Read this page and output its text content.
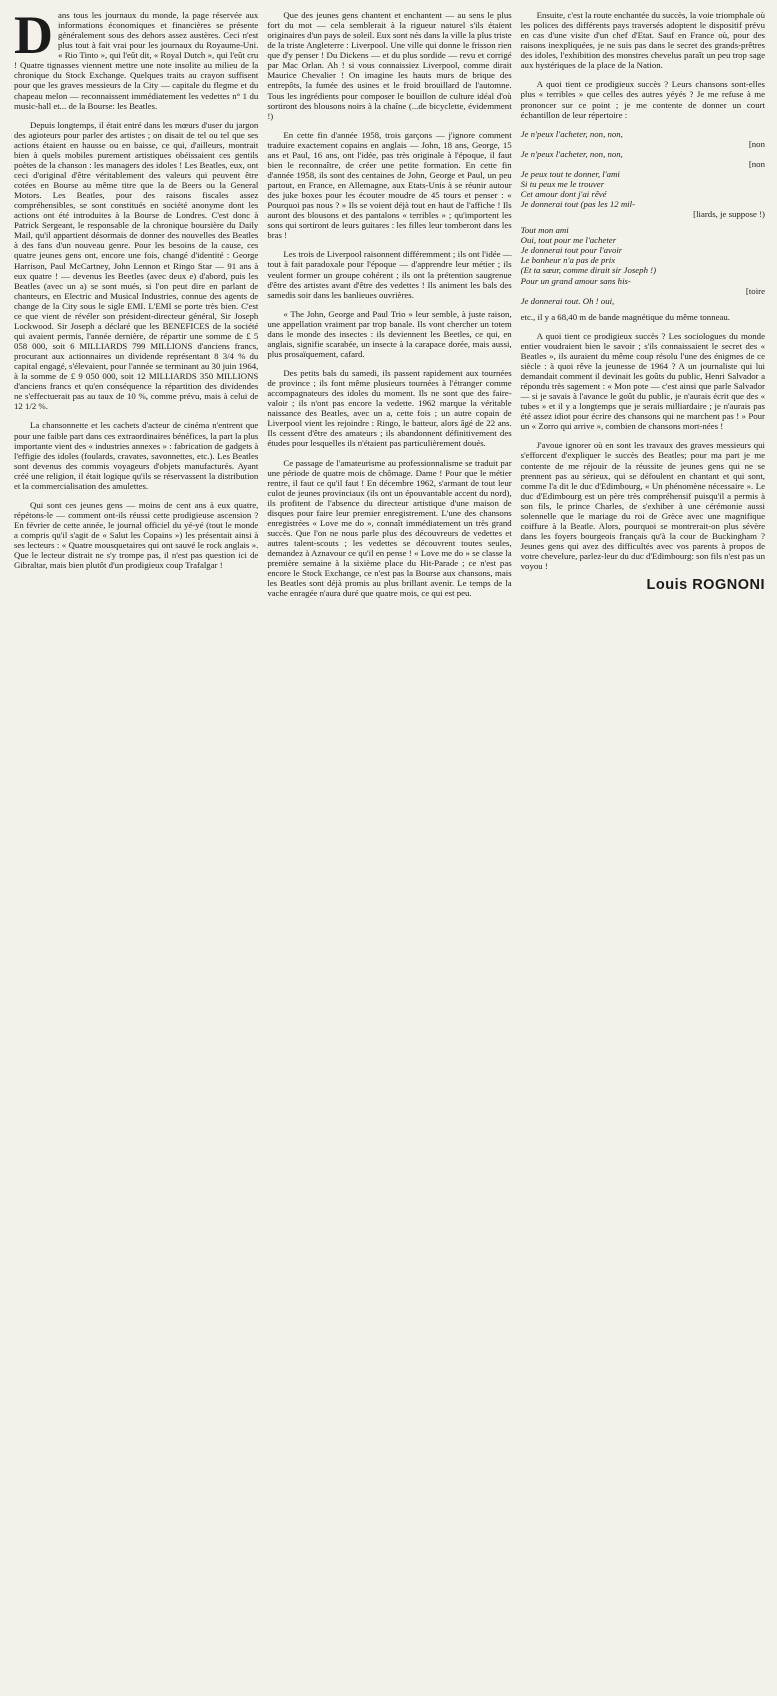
Dans tous les journaux du monde, la page réservée aux informations économiques et financières se présente généralement sous des dehors assez austères. Ceci n'est plus tout à fait vrai pour les journaux du Royaume-Uni. « Rio Tinto », qui l'eût dit, « Royal Dutch », qui l'eût cru ! Quatre tignasses viennent mettre une note insolite au milieu de la chronique du Stock Exchange. Quelques traits au crayon suffisent pour que les graves messieurs de la City — capitale du flegme et du chapeau melon — reconnaissent immédiatement les vedettes n° 1 du music-hall et... de la Bourse: les Beatles.

Depuis longtemps, il était entré dans les mœurs d'user du jargon des agioteurs pour parler des artistes ; on disait de tel ou tel que ses actions étaient en hausse ou en baisse, ce qui, d'ailleurs, montrait bien à quels mobiles purement artistiques obéissaient ces gentils poètes de la chanson : les managers des idoles ! Les Beatles, eux, ont ceci d'original d'être véritablement des valeurs qui peuvent être cotées en Bourse au même titre que la de Beers ou la General Motors. Les Beatles, pour des raisons fiscales assez compréhensibles, se sont constitués en société anonyme dont les actions ont été introduites à la Bourse de Londres. C'est donc à Patrick Sergeant, le responsable de la chronique boursière du Daily Mail, qu'il appartient désormais de donner des nouvelles des Beatles à des fans d'un nouveau genre. Pour les besoins de la cause, ces quatre jeunes gens ont, encore une fois, changé d'identité : George Harrison, Paul McCartney, John Lennon et Ringo Star — 91 ans à eux quatre ! — devenus les Beetles (avec deux e) d'abord, puis les Beatles (avec un a) se sont mués, si l'on peut dire en parlant de chanteurs, en Electric and Musical Industries, connue des agents de change de la City sous le sigle EMI. L'EMI se porte très bien. C'est ce que vient de révéler son président-directeur général, Sir Joseph Lockwood. Sir Joseph a déclaré que les BENEFICES de la société qui avaient permis, l'année dernière, de répartir une somme de £ 5 058 000, soit 6 MILLIARDS 799 MILLIONS d'anciens francs, procurant aux actionnaires un dividende représentant 8 3/4 % du capital engagé, s'élevaient, pour l'année se terminant au 30 juin 1964, à la somme de £ 9 050 000, soit 12 MILLIARDS 350 MILLIONS d'anciens francs et qu'en conséquence la répartition des dividendes ne s'effectuerait pas au taux de 10 %, comme prévu, mais à celui de 12 1/2 %.

La chansonnette et les cachets d'acteur de cinéma n'entrent que pour une faible part dans ces extraordinaires bénéfices, la part la plus importante vient des « industries annexes » : fabrication de gadgets à l'effigie des idoles (foulards, cravates, savonnettes, etc.). Les Beatles sont devenus des commis voyageurs d'objets manufacturés. Ayant créé une religion, il était logique qu'ils se réservassent la distribution et la commercialisation des amulettes.

Qui sont ces jeunes gens — moins de cent ans à eux quatre, répétons-le — comment ont-ils réussi cette prodigieuse ascension ? En février de cette année, le journal officiel du yé-yé (tout le monde a compris qu'il s'agit de « Salut les Copains ») les présentait ainsi à ses lecteurs : « Quatre mousquetaires qui ont sauvé le rock anglais ». Que le lecteur distrait ne s'y trompe pas, il n'est pas question ici de Gibraltar, mais bien plutôt d'un prodigieux coup Trafalgar !

Que des jeunes gens chantent et enchantent — au sens le plus fort du mot — cela semblerait à la rigueur naturel s'ils étaient originaires d'un pays de soleil. Eux sont nés dans la ville la plus triste de la triste Angleterre : Liverpool. Une ville qui donne le frisson rien que d'y penser ! Du Dickens — et du plus sordide — revu et corrigé par Mac Orlan. Ah ! si vous connaissiez Liverpool, comme dirait Maurice Chevalier ! On imagine les hauts murs de brique des entrepôts, la fumée des usines et le froid brouillard de l'automne. Tous les ingrédients pour composer le bouillon de culture idéal d'où sortiront des blousons noirs à la chaîne (...de bicyclette, évidemment !)

En cette fin d'année 1958, trois garçons — j'ignore comment traduire exactement copains en anglais — John, 18 ans, George, 15 ans et Paul, 16 ans, ont l'idée, pas très originale à l'époque, il faut bien le reconnaître, de créer une petite formation. En cette fin d'année 1958, ils sont des centaines de John, George et Paul, un peu partout, en France, en Allemagne, aux Etats-Unis à se réunir autour des juke boxes pour les écouter moudre de 45 tours et penser : « Pourquoi pas nous ? » Ils se voient déjà tout en haut de l'affiche ! Ils auront des blousons et des pantalons « terribles » ; qu'importent les sons qui sortiront de leurs guitares : les filles leur tomberont dans les bras !

Les trois de Liverpool raisonnent différemment ; ils ont l'idée — tout à fait paradoxale pour l'époque — d'apprendre leur métier ; ils veulent former un groupe cohérent ; ils ont la prétention saugrenue d'être des artistes avant d'être des vedettes ! Ils animent les bals des samedis soir dans les banlieues ouvrières.

« The John, George and Paul Trio » leur semble, à juste raison, une appellation vraiment par trop banale. Ils vont chercher un totem dans le monde des insectes : ils deviennent les Beetles, ce qui, en anglais, signifie scarabée, un insecte à la carapace dorée, mais aussi, plus prosaïquement, cafard.

Des petits bals du samedi, ils passent rapidement aux tournées de province ; ils font même plusieurs tournées à l'étranger comme accompagnateurs des idoles du moment. Ils ne sont que des faire-valoir ; ils n'ont pas encore la vedette. 1962 marque la véritable naissance des Beatles, avec un a, cette fois ; un autre copain de Liverpool vient les rejoindre : Ringo, le batteur, alors âgé de 22 ans. Ils cessent d'être des amateurs ; ils abandonnent définitivement des études pour lesquelles ils n'étaient pas particulièrement doués.

Ce passage de l'amateurisme au professionnalisme se traduit par une période de quatre mois de chômage. Dame ! Pour que le métier rentre, il faut ce qu'il faut ! En décembre 1962, s'armant de tout leur culot de jeunes provinciaux (ils ont un épouvantable accent du nord), ils profitent de l'absence du directeur artistique d'une maison de disques pour faire leur premier enregistrement. L'une des chansons enregistrées « Love me do », connaît immédiatement un très grand succès. Que l'on ne nous parle plus des découvreurs de vedettes et autres talent-scouts ; les vedettes se découvrent toutes seules, demandez à Aznavour ce qu'il en pense ! « Love me do » se classe la première semaine à la sixième place du Hit-Parade ; ce n'est pas encore le Stock Exchange, ce n'est pas la Bourse aux chansons, mais les Beatles sont déjà promis au plus brillant avenir. Le temps de la vache enragée n'aura duré que quatre mois, ce qui est peu.

Ensuite, c'est la route enchantée du succès, la voie triomphale où les polices des différents pays traversés adoptent le dispositif prévu en cas d'une visite d'un chef d'Etat. Sauf en France où, pour des raisons inexpliquées, je ne suis pas dans le secret des grands-prêtres des idoles, l'exhibition des monstres chevelus paraît un peu trop sage aux hystériques de la place de la Nation.

A quoi tient ce prodigieux succès ? Leurs chansons sont-elles plus « terribles » que celles des autres yéyés ? Je me refuse à me prononcer sur ce point ; je me contente de donner un court échantillon de leur répertoire :

Je n'peux l'acheter, non, non,
[non
Je n'peux l'acheter, non, non,
[non
Je peux tout te donner, l'ami
Si tu peux me le trouver
Cet amour dont j'ai rêvé
Je donnerai tout (pas les 12 mil-
[liards, je suppose !)
Tout mon ami
Oui, tout pour me l'acheter
Je donnerai tout pour l'avoir
Le bonheur n'a pas de prix
(Et ta sœur, comme dirait sir Joseph !)
Pour un grand amour sans his-
[toire
Je donnerai tout. Oh ! oui,

etc., il y a 68,40 m de bande magnétique du même tonneau.

A quoi tient ce prodigieux succès ? Les sociologues du monde entier voudraient bien le savoir ; s'ils connaissaient le secret des « Beatles », ils auraient du même coup résolu l'une des énigmes de ce siècle : à quoi rêve la jeunesse de 1964 ? A un journaliste qui lui demandait comment il devinait les goûts du public, Henri Salvador a répondu très sagement : « Mon pote — c'est ainsi que parle Salvador — si je savais à l'avance le goût du public, je n'aurais écrit que des « tubes » et il y a longtemps que je serais milliardaire ; je n'aurais pas été assez idiot pour écrire des chansons qui ne marchent pas ! » Pour un « Zorro qui arrive », combien de chansons mort-nées !

J'avoue ignorer où en sont les travaux des graves messieurs qui s'efforcent d'expliquer le succès des Beatles; pour ma part je me contente de me réjouir de la réussite de jeunes gens qui ne se prennent pas au sérieux, qui se défoulent en chantant et qui sont, comme l'a dit le duc d'Edimbourg, « Un phénomène nécessaire ». Le duc d'Edimbourg est un père très compréhensif puisqu'il a permis à son fils, le prince Charles, de s'exhiber à une cérémonie aussi solennelle que le mariage du roi de Grèce avec une magnifique coiffure à la Beatle. Alors, pourquoi se montrerait-on plus sévère dans les foyers bourgeois français qu'à la cour de Buckingham ? Jeunes gens qui avez des difficultés avec vos parents à propos de votre chevelure, parlez-leur du duc d'Edimbourg: son fils n'est pas un voyou !

Louis ROGNONI
